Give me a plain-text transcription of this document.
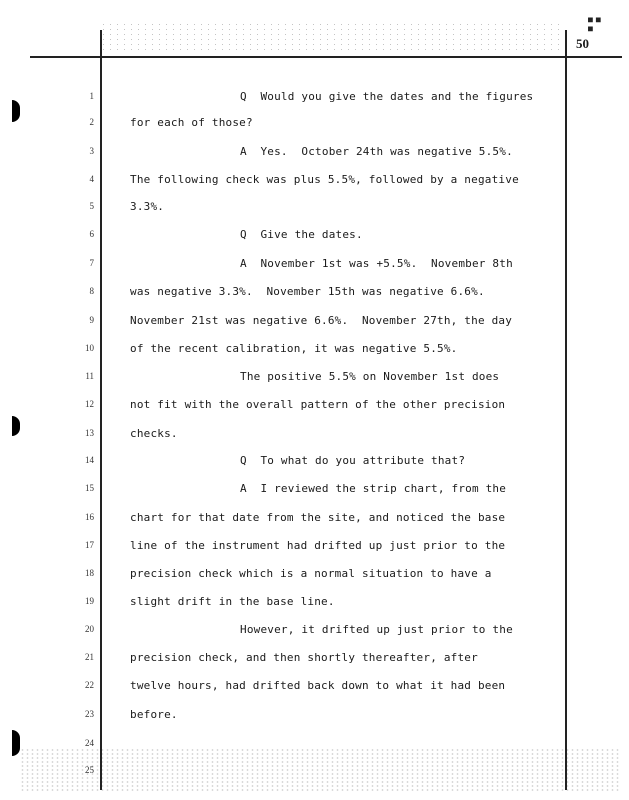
■■
■
50
1
2
3
4
5
6
7
8
9
10
11
12
13
14
15
16
17
18
19
20
21
22
23
24
25
Q  Would you give the dates and the figures
for each of those?
A  Yes.  October 24th was negative 5.5%.
The following check was plus 5.5%, followed by a negative
3.3%.
Q  Give the dates.
A  November 1st was +5.5%.  November 8th
was negative 3.3%.  November 15th was negative 6.6%.
November 21st was negative 6.6%.  November 27th, the day
of the recent calibration, it was negative 5.5%.
The positive 5.5% on November 1st does
not fit with the overall pattern of the other precision
checks.
Q  To what do you attribute that?
A  I reviewed the strip chart, from the
chart for that date from the site, and noticed the base
line of the instrument had drifted up just prior to the
precision check which is a normal situation to have a
slight drift in the base line.
However, it drifted up just prior to the
precision check, and then shortly thereafter, after
twelve hours, had drifted back down to what it had been
before.
